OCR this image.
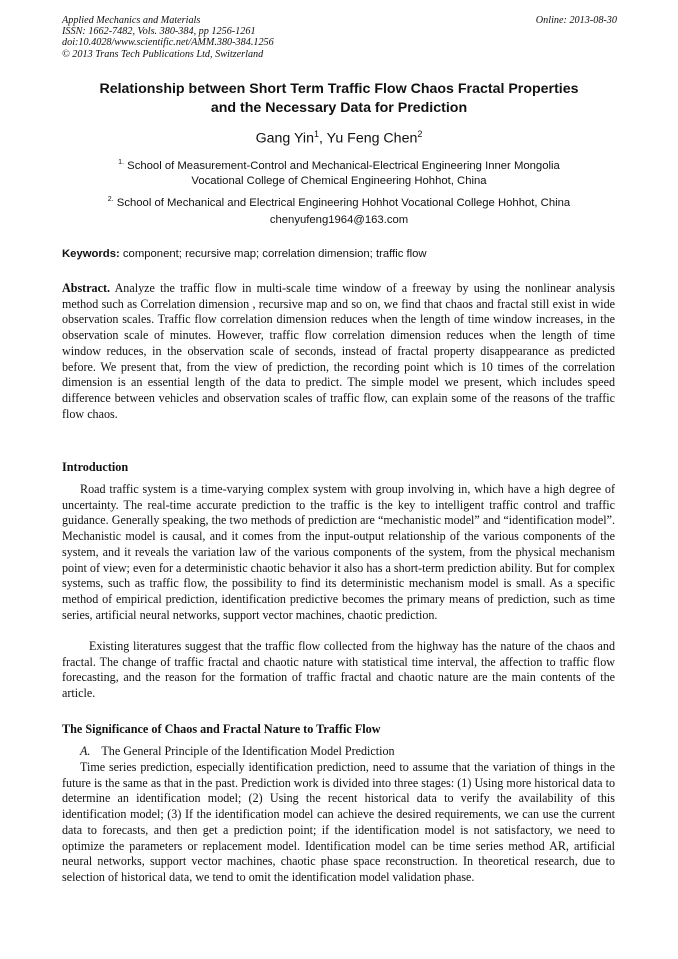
Applied Mechanics and Materials
ISSN: 1662-7482, Vols. 380-384, pp 1256-1261
doi:10.4028/www.scientific.net/AMM.380-384.1256
© 2013 Trans Tech Publications Ltd, Switzerland
Online: 2013-08-30
Relationship between Short Term Traffic Flow Chaos Fractal Properties
and the Necessary Data for Prediction
Gang Yin$^1$, Yu Feng Chen$^2$
$^{1.}$ School of Measurement-Control and Mechanical-Electrical Engineering Inner Mongolia
Vocational College of Chemical Engineering Hohhot, China
$^{2.}$ School of Mechanical and Electrical Engineering Hohhot Vocational College Hohhot, China
chenyufeng1964@163.com
Keywords: component; recursive map; correlation dimension; traffic flow
Abstract. Analyze the traffic flow in multi-scale time window of a freeway by using the nonlinear analysis method such as Correlation dimension , recursive map and so on, we find that chaos and fractal still exist in wide observation scales. Traffic flow correlation dimension reduces when the length of time window increases, in the observation scale of minutes. However, traffic flow correlation dimension reduces when the length of time window reduces, in the observation scale of seconds, instead of fractal property disappearance as predicted before. We present that, from the view of prediction, the recording point which is 10 times of the correlation dimension is an essential length of the data to predict. The simple model we present, which includes speed difference between vehicles and observation scales of traffic flow, can explain some of the reasons of the traffic flow chaos.
Introduction
Road traffic system is a time-varying complex system with group involving in, which have a high degree of uncertainty. The real-time accurate prediction to the traffic is the key to intelligent traffic control and traffic guidance. Generally speaking, the two methods of prediction are “mechanistic model” and “identification model”. Mechanistic model is causal, and it comes from the input-output relationship of the various components of the system, and it reveals the variation law of the various components of the system, from the physical mechanism point of view; even for a deterministic chaotic behavior it also has a short-term prediction ability. But for complex systems, such as traffic flow, the possibility to find its deterministic mechanism model is small. As a specific method of empirical prediction, identification predictive becomes the primary means of prediction, such as time series, artificial neural networks, support vector machines, chaotic prediction.
Existing literatures suggest that the traffic flow collected from the highway has the nature of the chaos and fractal. The change of traffic fractal and chaotic nature with statistical time interval, the affection to traffic flow forecasting, and the reason for the formation of traffic fractal and chaotic nature are the main contents of the article.
The Significance of Chaos and Fractal Nature to Traffic Flow
A. The General Principle of the Identification Model Prediction
Time series prediction, especially identification prediction, need to assume that the variation of things in the future is the same as that in the past. Prediction work is divided into three stages: (1) Using more historical data to determine an identification model; (2) Using the recent historical data to verify the availability of this identification model; (3) If the identification model can achieve the desired requirements, we can use the current data to forecasts, and then get a prediction point; if the identification model is not satisfactory, we need to optimize the parameters or replacement model. Identification model can be time series method AR, artificial neural networks, support vector machines, chaotic phase space reconstruction. In theoretical research, due to selection of historical data, we tend to omit the identification model validation phase.
